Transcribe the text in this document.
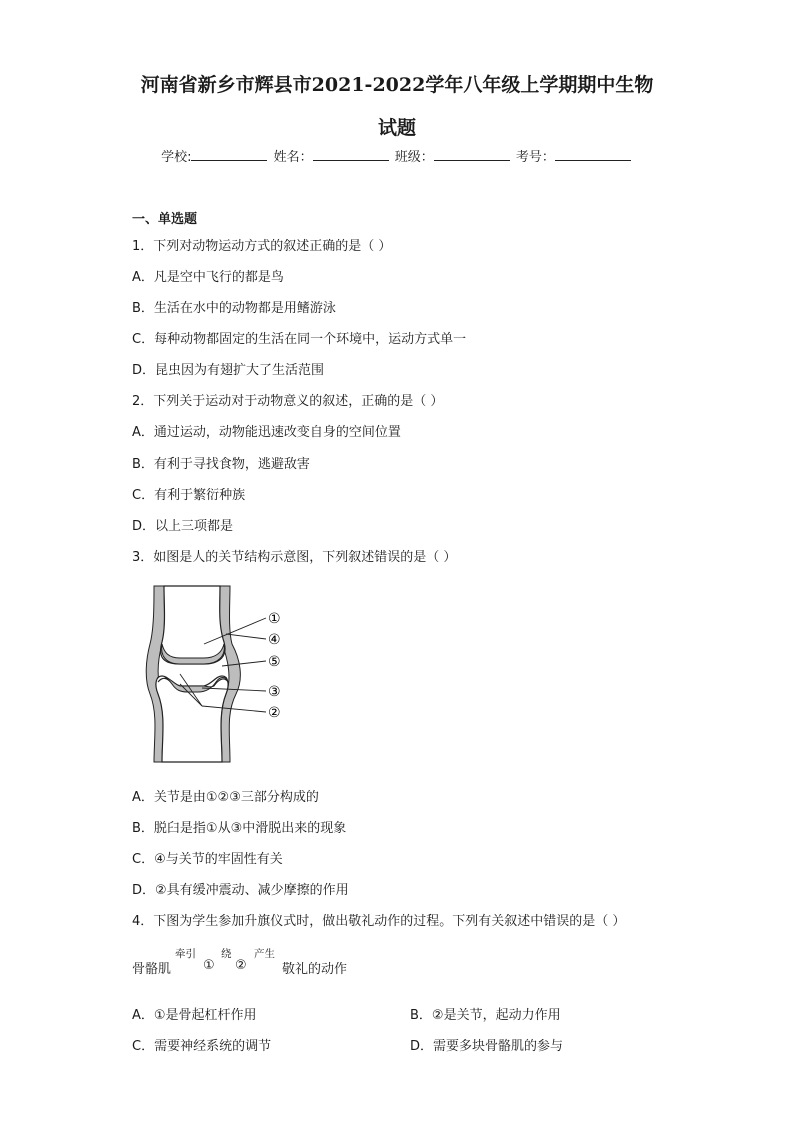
河南省新乡市辉县市2021-2022学年八年级上学期期中生物
试题
学校:	姓名：	班级：	考号：
一、单选题
1．下列对动物运动方式的叙述正确的是（ ）
A．凡是空中飞行的都是鸟
B．生活在水中的动物都是用鳍游泳
C．每种动物都固定的生活在同一个环境中，运动方式单一
D．昆虫因为有翅扩大了生活范围
2．下列关于运动对于动物意义的叙述，正确的是（ ）
A．通过运动，动物能迅速改变自身的空间位置
B．有利于寻找食物，逃避敌害
C．有利于繁衍种族
D．以上三项都是
3．如图是人的关节结构示意图，下列叙述错误的是（ ）
①
④
⑤
③
②
A．关节是由①②③三部分构成的
B．脱臼是指①从③中滑脱出来的现象
C．④与关节的牢固性有关
D．②具有缓冲震动、减少摩擦的作用
4．下图为学生参加升旗仪式时，做出敬礼动作的过程。下列有关叙述中错误的是（ ）
骨骼肌
牵引
①
绕
②
产生
敬礼的动作
A．①是骨起杠杆作用	B．②是关节，起动力作用
C．需要神经系统的调节	D．需要多块骨骼肌的参与
